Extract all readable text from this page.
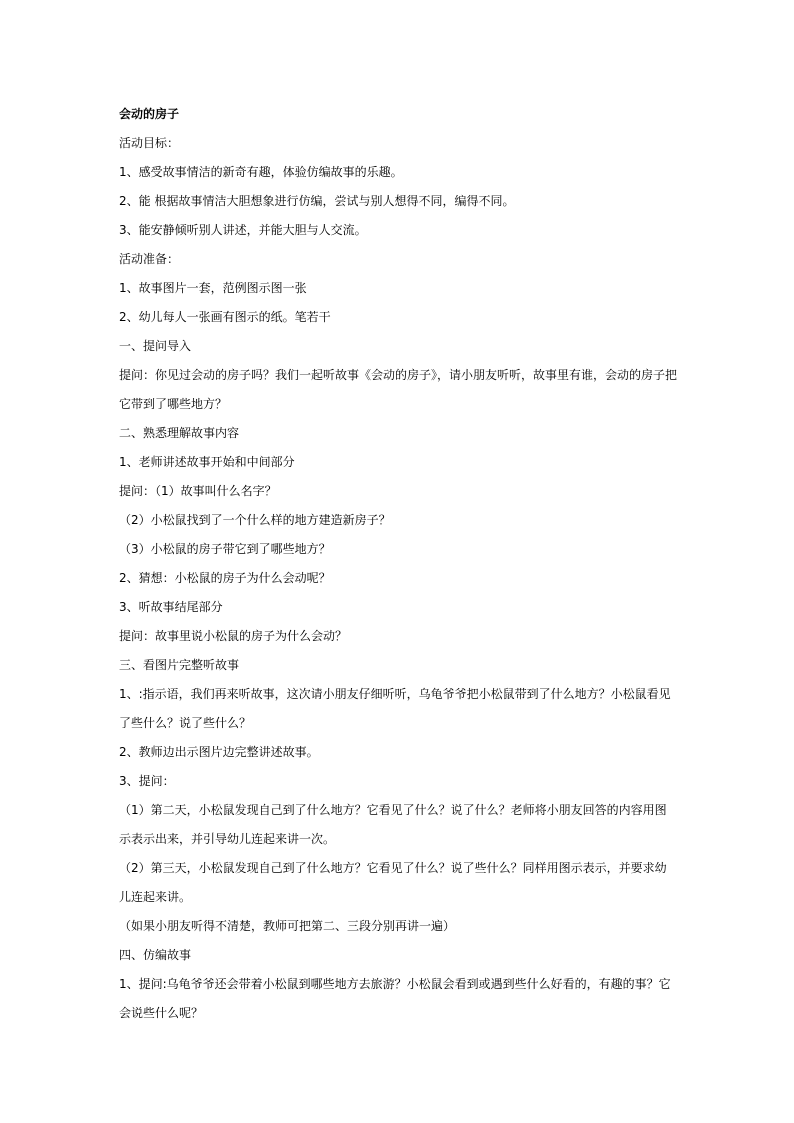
会动的房子

活动目标：

1、感受故事情洁的新奇有趣，体验仿编故事的乐趣。

2、能 根据故事情洁大胆想象进行仿编，尝试与别人想得不同，编得不同。

3、能安静倾听别人讲述，并能大胆与人交流。

活动准备：

1、故事图片一套，范例图示图一张

2、幼儿每人一张画有图示的纸。笔若干

一、提问导入

提问：你见过会动的房子吗？我们一起听故事《会动的房子》，请小朋友听听，故事里有谁，会动的房子把它带到了哪些地方？

二、熟悉理解故事内容

1、老师讲述故事开始和中间部分

提问：（1）故事叫什么名字？

（2）小松鼠找到了一个什么样的地方建造新房子？

（3）小松鼠的房子带它到了哪些地方？

2、猜想：小松鼠的房子为什么会动呢？

3、听故事结尾部分

提问：故事里说小松鼠的房子为什么会动？

三、看图片完整听故事

1、:指示语，我们再来听故事，这次请小朋友仔细听听，乌龟爷爷把小松鼠带到了什么地方？小松鼠看见了些什么？说了些什么？

2、教师边出示图片边完整讲述故事。

3、提问：

（1）第二天，小松鼠发现自己到了什么地方？它看见了什么？说了什么？老师将小朋友回答的内容用图示表示出来，并引导幼儿连起来讲一次。

（2）第三天，小松鼠发现自己到了什么地方？它看见了什么？说了些什么？同样用图示表示，并要求幼儿连起来讲。

（如果小朋友听得不清楚，教师可把第二、三段分别再讲一遍）

四、仿编故事

1、提问:乌龟爷爷还会带着小松鼠到哪些地方去旅游？小松鼠会看到或遇到些什么好看的，有趣的事？它会说些什么呢？
